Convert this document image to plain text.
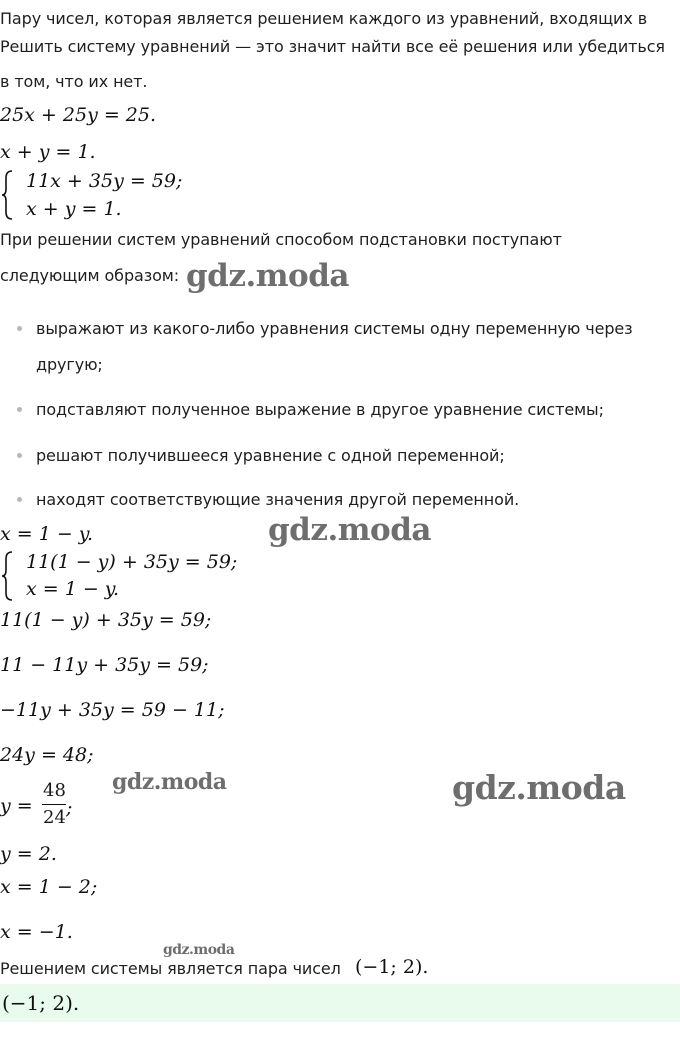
Пару чисел, которая является решением каждого из уравнений, входящих в
Решить систему уравнений — это значит найти все её решения или убедиться
в том, что их нет.
25x + 25y = 25.
x + y = 1.
11x + 35y = 59;
x + y = 1.
При решении систем уравнений способом подстановки поступают
следующим образом:
выражают из какого-либо уравнения системы одну переменную через
другую;
подставляют полученное выражение в другое уравнение системы;
решают получившееся уравнение с одной переменной;
находят соответствующие значения другой переменной.
x = 1 − y.
11(1 − y) + 35y = 59;
x = 1 − y.
11(1 − y) + 35y = 59;
11 − 11y + 35y = 59;
−11y + 35y = 59 − 11;
24y = 48;
y =
48
24 ;
y = 2.
x = 1 − 2;
x = −1.
Решением системы является пара чисел (−1; 2).
(−1; 2).
gdz.moda
gdz.moda
gdz.moda	gdz.moda
gdz.moda
